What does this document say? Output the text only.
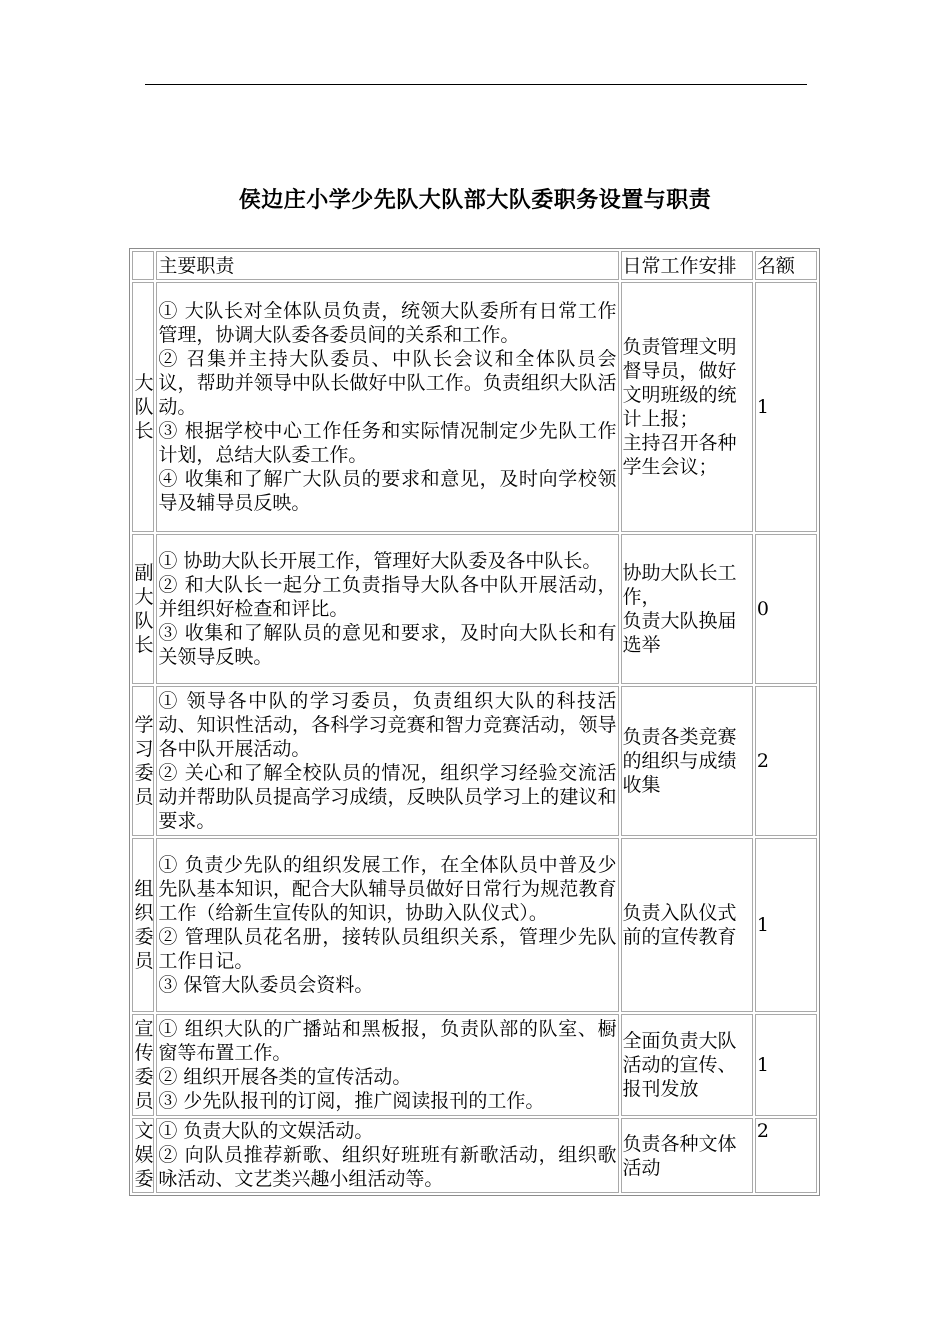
侯边庄小学少先队大队部大队委职务设置与职责
	主要职责	日常工作安排	名额

大队长	① 大队长对全体队员负责，统领大队委所有日常工作管理，协调大队委各委员间的关系和工作。
② 召集并主持大队委员、中队长会议和全体队员会议，帮助并领导中队长做好中队工作。负责组织大队活动。
③ 根据学校中心工作任务和实际情况制定少先队工作计划，总结大队委工作。
④ 收集和了解广大队员的要求和意见，及时向学校领导及辅导员反映。	负责管理文明督导员，做好文明班级的统计上报；
主持召开各种学生会议；	1

副大队长	① 协助大队长开展工作，管理好大队委及各中队长。
② 和大队长一起分工负责指导大队各中队开展活动，并组织好检查和评比。
③ 收集和了解队员的意见和要求，及时向大队长和有关领导反映。	协助大队长工作，
负责大队换届选举	0

学习委员	① 领导各中队的学习委员，负责组织大队的科技活动、知识性活动，各科学习竞赛和智力竞赛活动，领导各中队开展活动。
② 关心和了解全校队员的情况，组织学习经验交流活动并帮助队员提高学习成绩，反映队员学习上的建议和要求。	负责各类竞赛的组织与成绩收集	2

组织委员	① 负责少先队的组织发展工作，在全体队员中普及少先队基本知识，配合大队辅导员做好日常行为规范教育工作（给新生宣传队的知识，协助入队仪式）。
② 管理队员花名册，接转队员组织关系，管理少先队工作日记。
③ 保管大队委员会资料。	负责入队仪式前的宣传教育	1

宣传委员	① 组织大队的广播站和黑板报，负责队部的队室、橱窗等布置工作。
② 组织开展各类的宣传活动。
③ 少先队报刊的订阅，推广阅读报刊的工作。	全面负责大队活动的宣传、报刊发放	1

文娱委	① 负责大队的文娱活动。
② 向队员推荐新歌、组织好班班有新歌活动，组织歌咏活动、文艺类兴趣小组活动等。	负责各种文体活动	2
